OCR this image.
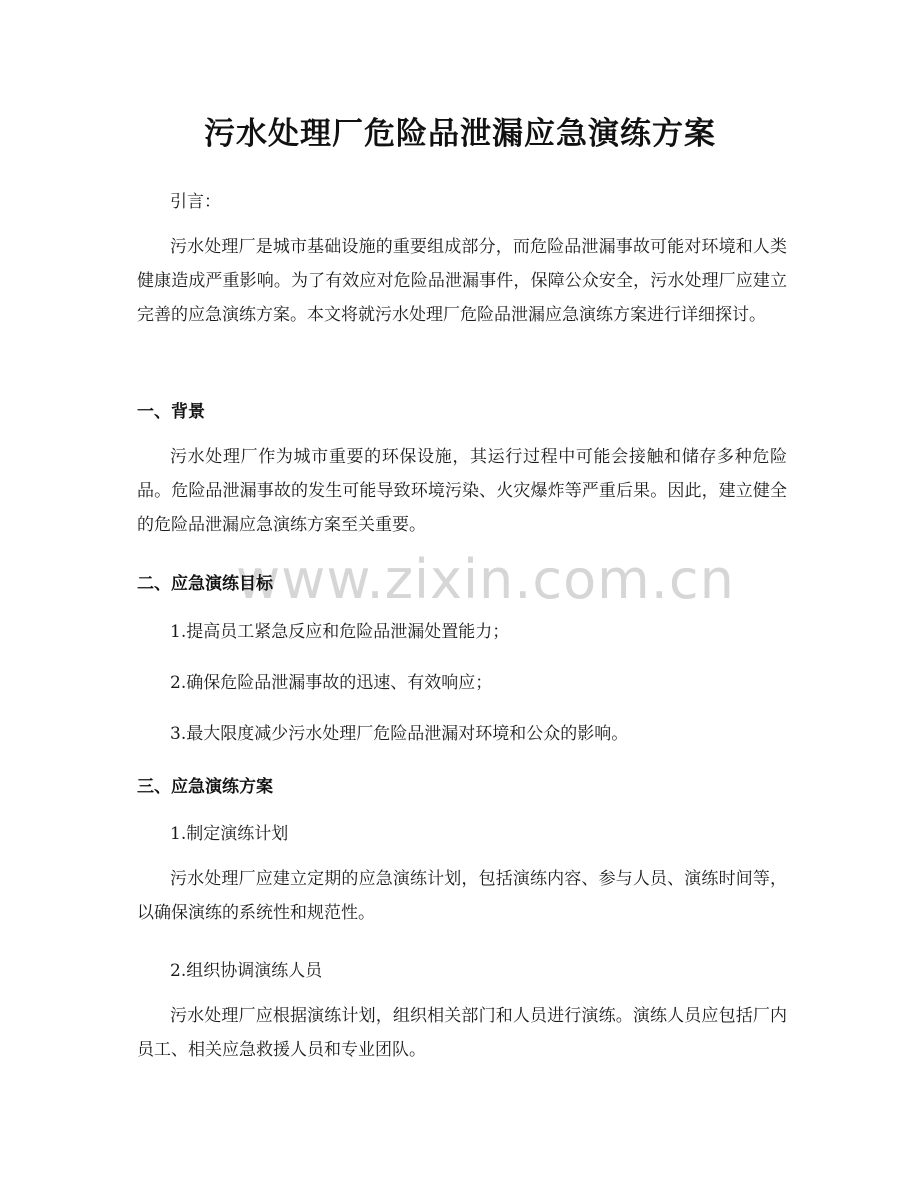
污水处理厂危险品泄漏应急演练方案
引言：
污水处理厂是城市基础设施的重要组成部分，而危险品泄漏事故可能对环境和人类健康造成严重影响。为了有效应对危险品泄漏事件，保障公众安全，污水处理厂应建立完善的应急演练方案。本文将就污水处理厂危险品泄漏应急演练方案进行详细探讨。
一、背景
污水处理厂作为城市重要的环保设施，其运行过程中可能会接触和储存多种危险品。危险品泄漏事故的发生可能导致环境污染、火灾爆炸等严重后果。因此，建立健全的危险品泄漏应急演练方案至关重要。
www.zixin.com.cn
二、应急演练目标
1.提高员工紧急反应和危险品泄漏处置能力；
2.确保危险品泄漏事故的迅速、有效响应；
3.最大限度减少污水处理厂危险品泄漏对环境和公众的影响。
三、应急演练方案
1.制定演练计划
污水处理厂应建立定期的应急演练计划，包括演练内容、参与人员、演练时间等，以确保演练的系统性和规范性。
2.组织协调演练人员
污水处理厂应根据演练计划，组织相关部门和人员进行演练。演练人员应包括厂内员工、相关应急救援人员和专业团队。
